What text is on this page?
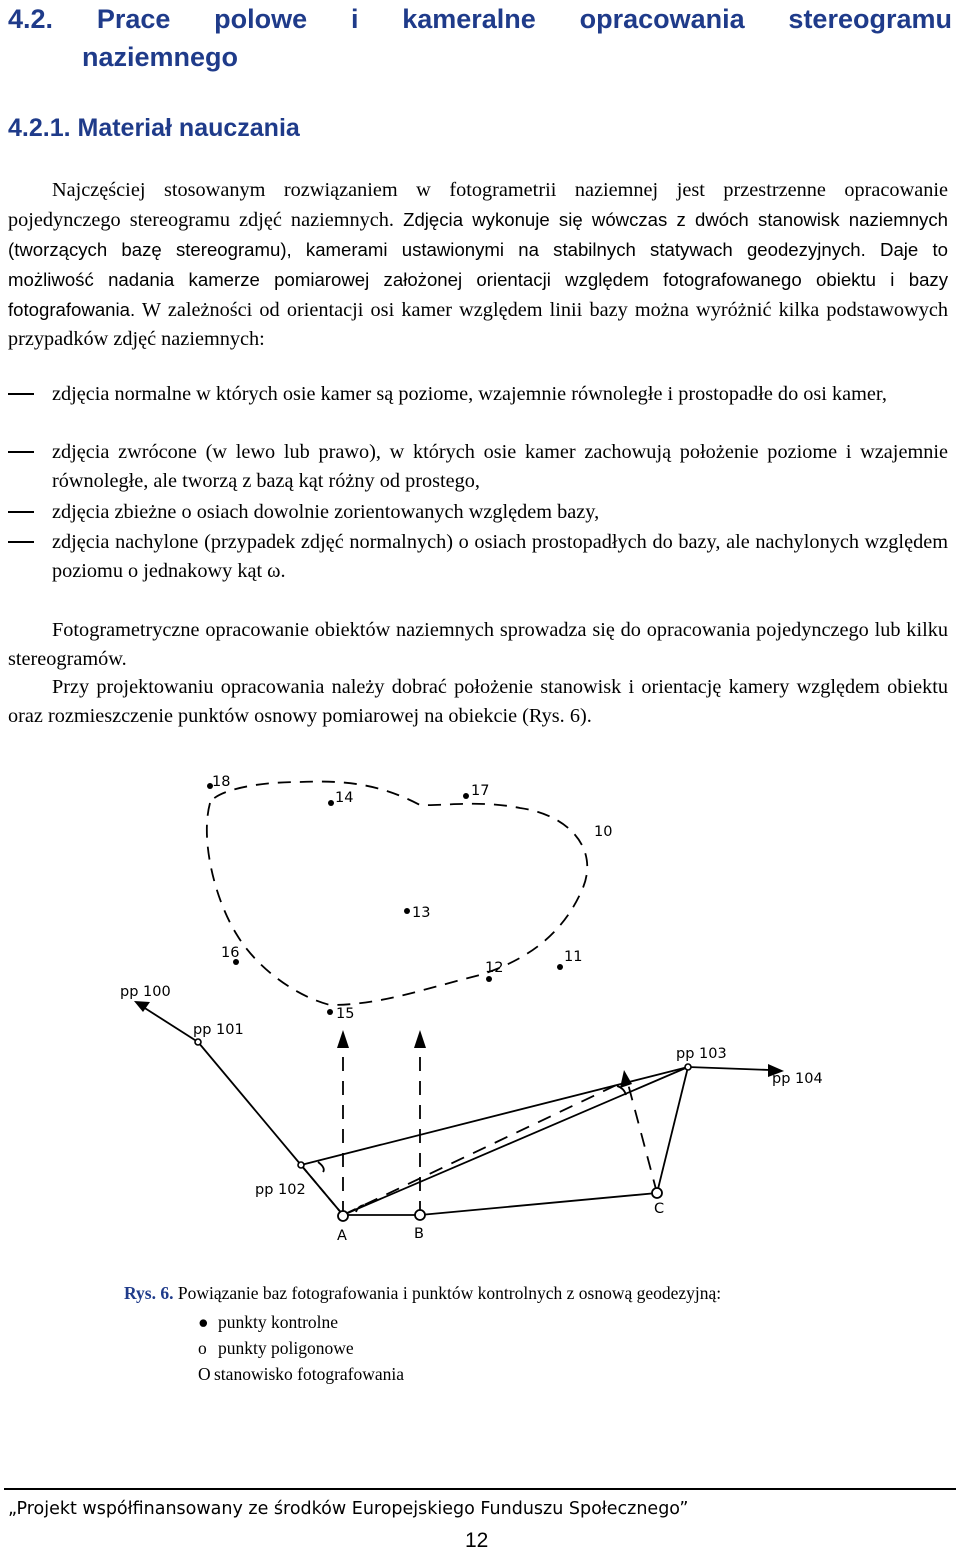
4.2. Prace polowe i kameralne opracowania stereogramu
naziemnego
4.2.1. Materiał nauczania
Najczęściej stosowanym rozwiązaniem w fotogrametrii naziemnej jest przestrzenne opracowanie pojedynczego stereogramu zdjęć naziemnych. Zdjęcia wykonuje się wówczas z dwóch stanowisk naziemnych (tworzących bazę stereogramu), kamerami ustawionymi na stabilnych statywach geodezyjnych. Daje to możliwość nadania kamerze pomiarowej założonej orientacji względem fotografowanego obiektu i bazy fotografowania. W zależności od orientacji osi kamer względem linii bazy można wyróżnić kilka podstawowych przypadków zdjęć naziemnych:
zdjęcia normalne w których osie kamer są poziome, wzajemnie równoległe i prostopadłe do osi kamer,
zdjęcia zwrócone (w lewo lub prawo), w których osie kamer zachowują położenie poziome i wzajemnie równoległe, ale tworzą z bazą kąt różny od prostego,
zdjęcia zbieżne o osiach dowolnie zorientowanych względem bazy,
zdjęcia nachylone (przypadek zdjęć normalnych) o osiach prostopadłych do bazy, ale nachylonych względem poziomu o jednakowy kąt ω.
Fotogrametryczne opracowanie obiektów naziemnych sprowadza się do opracowania pojedynczego lub kilku stereogramów.
Przy projektowaniu opracowania należy dobrać położenie stanowisk i orientację kamery względem obiektu oraz rozmieszczenie punktów osnowy pomiarowej na obiekcie (Rys. 6).
18
14	17
10
13
16
12
11
15
pp 100
pp 101
pp 102
pp 103
pp 104
A	B
C
Rys. 6. Powiązanie baz fotografowania i punktów kontrolnych z osnową geodezyjną:
● punkty kontrolne
o punkty poligonowe
O stanowisko fotografowania
„Projekt współfinansowany ze środków Europejskiego Funduszu Społecznego”
12
